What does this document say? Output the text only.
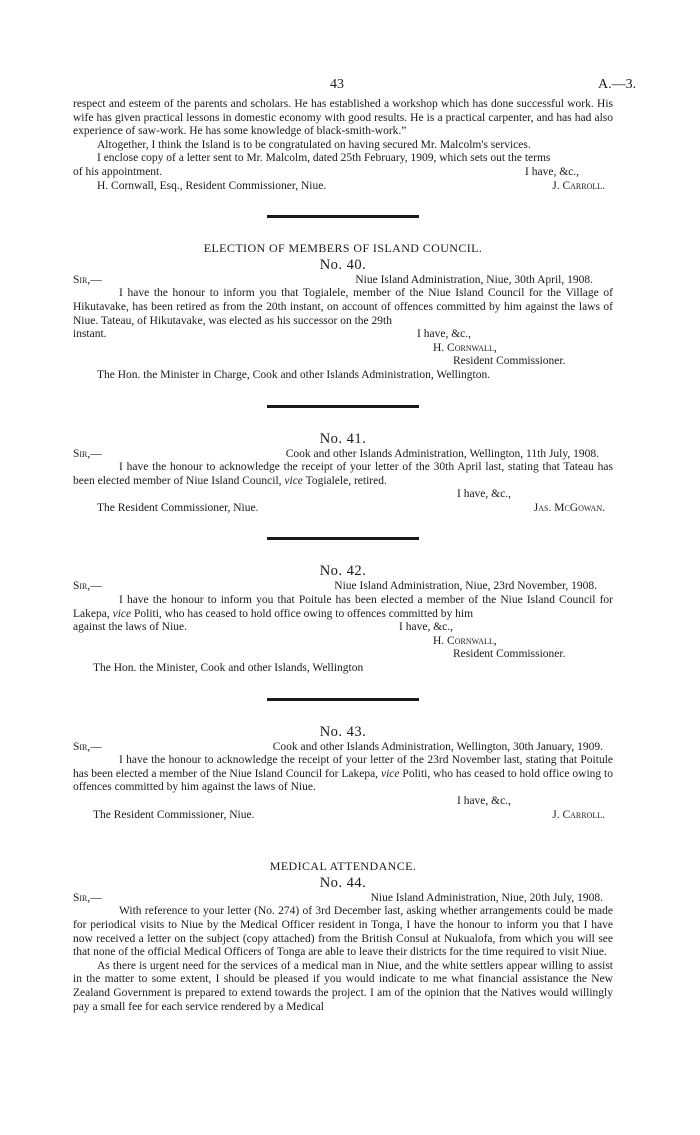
43	A.—3.

respect and esteem of the parents and scholars. He has established a workshop which has done successful work. His wife has given practical lessons in domestic economy with good results. He is a practical carpenter, and has had also experience of saw-work. He has some knowledge of black-smith-work.”

Altogether, I think the Island is to be congratulated on having secured Mr. Malcolm's services.

I enclose copy of a letter sent to Mr. Malcolm, dated 25th February, 1909, which sets out the terms

of his appointment.	I have, &c.,
H. Cornwall, Esq., Resident Commissioner, Niue.	J. Carroll.
ELECTION OF MEMBERS OF ISLAND COUNCIL.
No. 40.
Sir,—	Niue Island Administration, Niue, 30th April, 1908.

I have the honour to inform you that Togialele, member of the Niue Island Council for the Village of Hikutavake, has been retired as from the 20th instant, on account of offences committed by him against the laws of Niue. Tateau, of Hikutavake, was elected as his successor on the 29th

instant.	I have, &c.,
H. Cornwall,
Resident Commissioner.
The Hon. the Minister in Charge, Cook and other Islands Administration, Wellington.
No. 41.
Sir,—	Cook and other Islands Administration, Wellington, 11th July, 1908.

I have the honour to acknowledge the receipt of your letter of the 30th April last, stating that Tateau has been elected member of Niue Island Council, vice Togialele, retired.

I have, &c.,
The Resident Commissioner, Niue.	Jas. McGowan.
No. 42.
Sir,—	Niue Island Administration, Niue, 23rd November, 1908.

I have the honour to inform you that Poitule has been elected a member of the Niue Island Council for Lakepa, vice Politi, who has ceased to hold office owing to offences committed by him

against the laws of Niue.	I have, &c.,
H. Cornwall,
Resident Commissioner.
The Hon. the Minister, Cook and other Islands, Wellington
No. 43.
Sir,—	Cook and other Islands Administration, Wellington, 30th January, 1909.

I have the honour to acknowledge the receipt of your letter of the 23rd November last, stating that Poitule has been elected a member of the Niue Island Council for Lakepa, vice Politi, who has ceased to hold office owing to offences committed by him against the laws of Niue.

I have, &c.,
The Resident Commissioner, Niue.	J. Carroll.
MEDICAL ATTENDANCE.
No. 44.
Sir,—	Niue Island Administration, Niue, 20th July, 1908.

With reference to your letter (No. 274) of 3rd December last, asking whether arrangements could be made for periodical visits to Niue by the Medical Officer resident in Tonga, I have the honour to inform you that I have now received a letter on the subject (copy attached) from the British Consul at Nukualofa, from which you will see that none of the official Medical Officers of Tonga are able to leave their districts for the time required to visit Niue.

As there is urgent need for the services of a medical man in Niue, and the white settlers appear willing to assist in the matter to some extent, I should be pleased if you would indicate to me what financial assistance the New Zealand Government is prepared to extend towards the project. I am of the opinion that the Natives would willingly pay a small fee for each service rendered by a Medical
